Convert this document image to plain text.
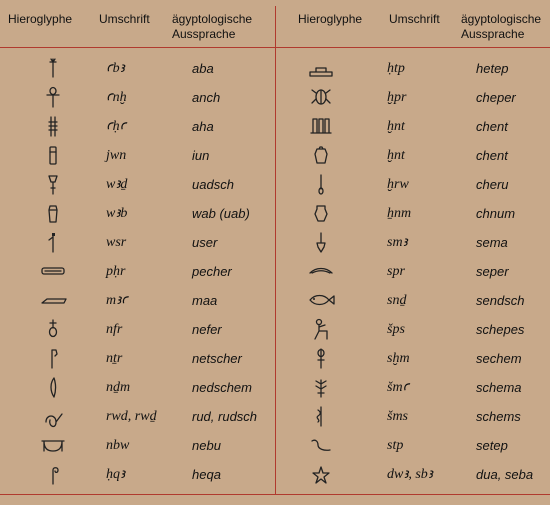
Hieroglyphe Umschrift ägyptologische
Aussprache
Hieroglyphe Umschrift ägyptologische
Aussprache
ꜥbꜣ	aba
ꜥnḫ	anch
ꜥḥꜥ	aha
jwn	iun
wꜣḏ	uadsch
wꜣb	wab (uab)
wsr	user
pḥr	pecher
mꜣꜥ	maa
nfr	nefer
nṯr	netscher
nḏm	nedschem
rwd, rwḏ	rud, rudsch
nbw	nebu
ḥqꜣ	heqa
ḥtp	hetep
ḫpr	cheper
ḫnt	chent
ḫnt	chent
ḫrw	cheru
ẖnm	chnum
smꜣ	sema
spr	seper
snḏ	sendsch
šps	schepes
sḫm	sechem
šmꜥ	schema
šms	schems
stp	setep
dwꜣ, sbꜣ	dua, seba
